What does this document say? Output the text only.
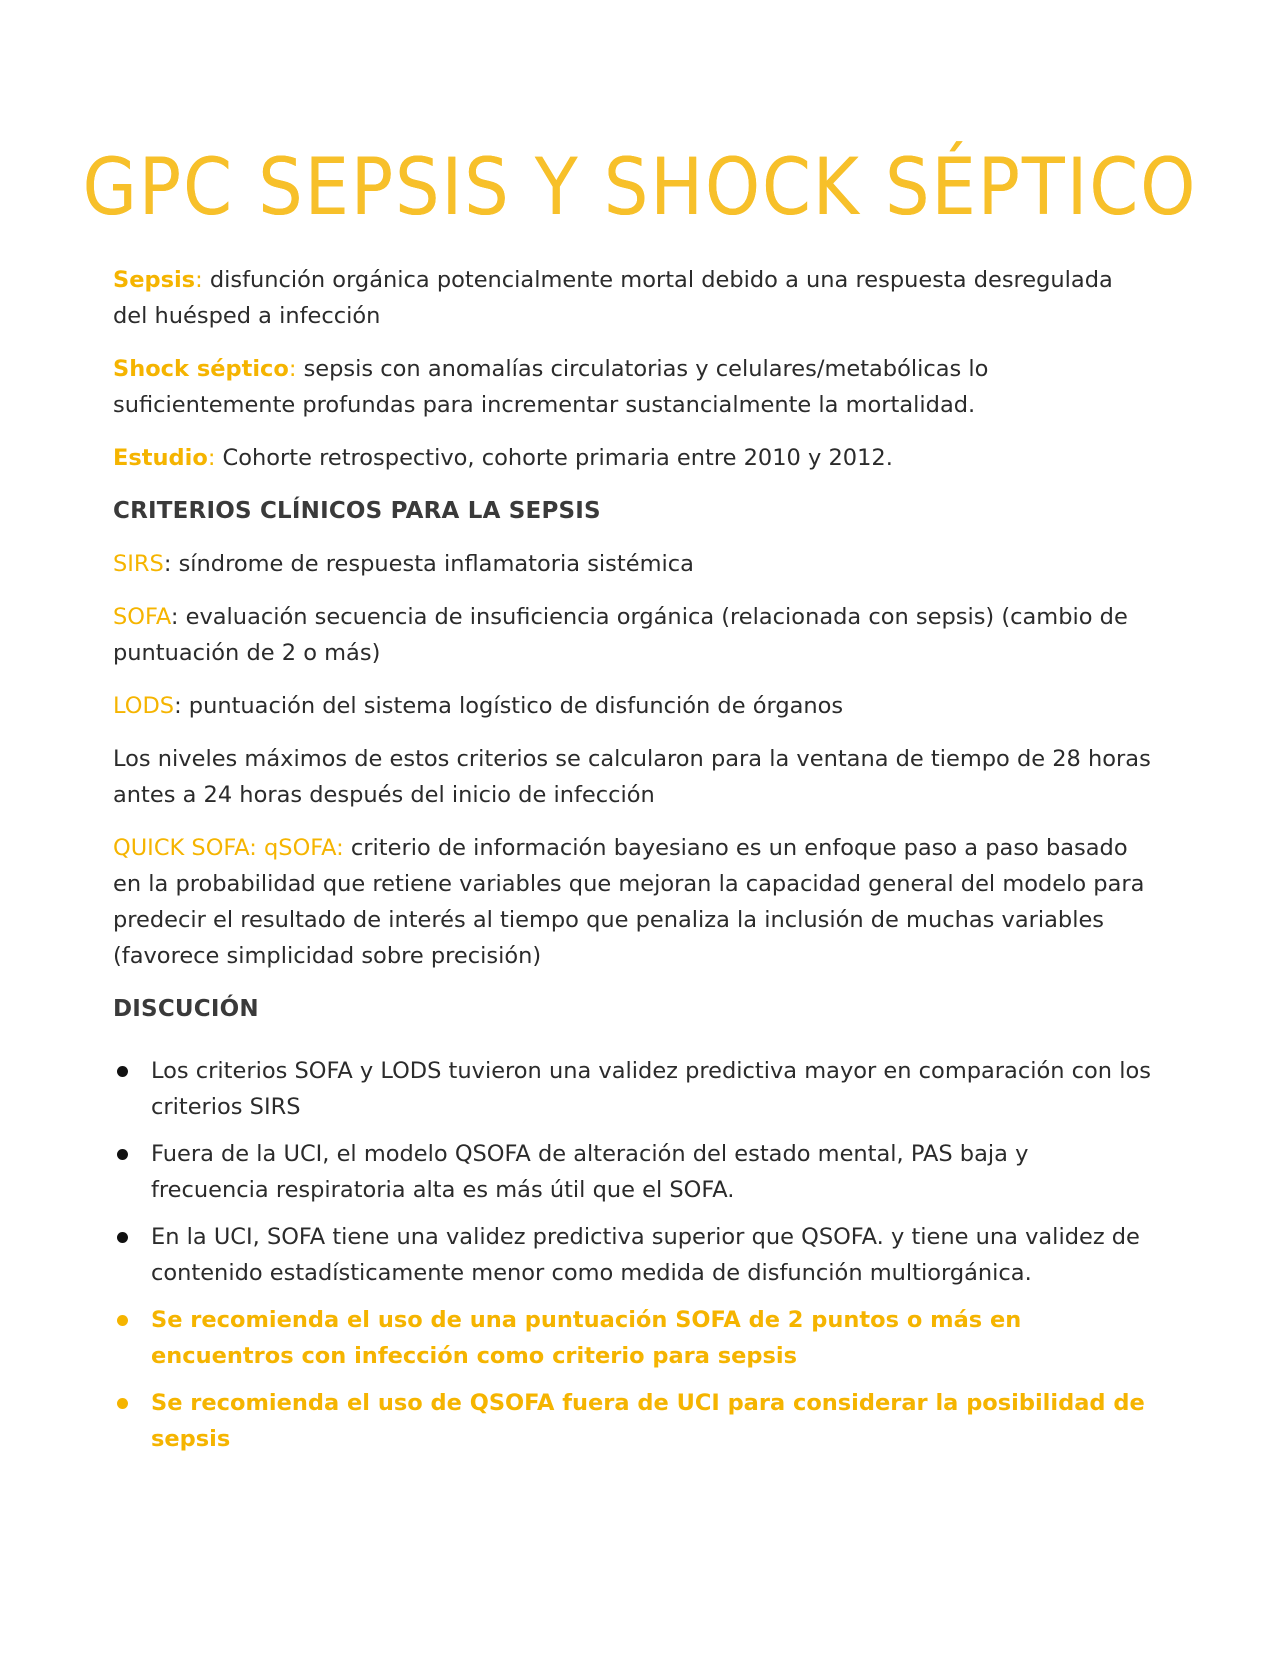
GPC SEPSIS Y SHOCK SÉPTICO

Sepsis: disfunción orgánica potencialmente mortal debido a una respuesta desregulada del huésped a infección

Shock séptico: sepsis con anomalías circulatorias y celulares/metabólicas lo suficientemente profundas para incrementar sustancialmente la mortalidad.

Estudio: Cohorte retrospectivo, cohorte primaria entre 2010 y 2012.

CRITERIOS CLÍNICOS PARA LA SEPSIS

SIRS: síndrome de respuesta inflamatoria sistémica

SOFA: evaluación secuencia de insuficiencia orgánica (relacionada con sepsis) (cambio de puntuación de 2 o más)

LODS: puntuación del sistema logístico de disfunción de órganos

Los niveles máximos de estos criterios se calcularon para la ventana de tiempo de 28 horas antes a 24 horas después del inicio de infección

QUICK SOFA: qSOFA: criterio de información bayesiano es un enfoque paso a paso basado en la probabilidad que retiene variables que mejoran la capacidad general del modelo para predecir el resultado de interés al tiempo que penaliza la inclusión de muchas variables (favorece simplicidad sobre precisión)

DISCUCIÓN

Los criterios SOFA y LODS tuvieron una validez predictiva mayor en comparación con los criterios SIRS
Fuera de la UCI, el modelo QSOFA de alteración del estado mental, PAS baja y frecuencia respiratoria alta es más útil que el SOFA.
En la UCI, SOFA tiene una validez predictiva superior que QSOFA. y tiene una validez de contenido estadísticamente menor como medida de disfunción multiorgánica.
Se recomienda el uso de una puntuación SOFA de 2 puntos o más en encuentros con infección como criterio para sepsis
Se recomienda el uso de QSOFA fuera de UCI para considerar la posibilidad de sepsis
